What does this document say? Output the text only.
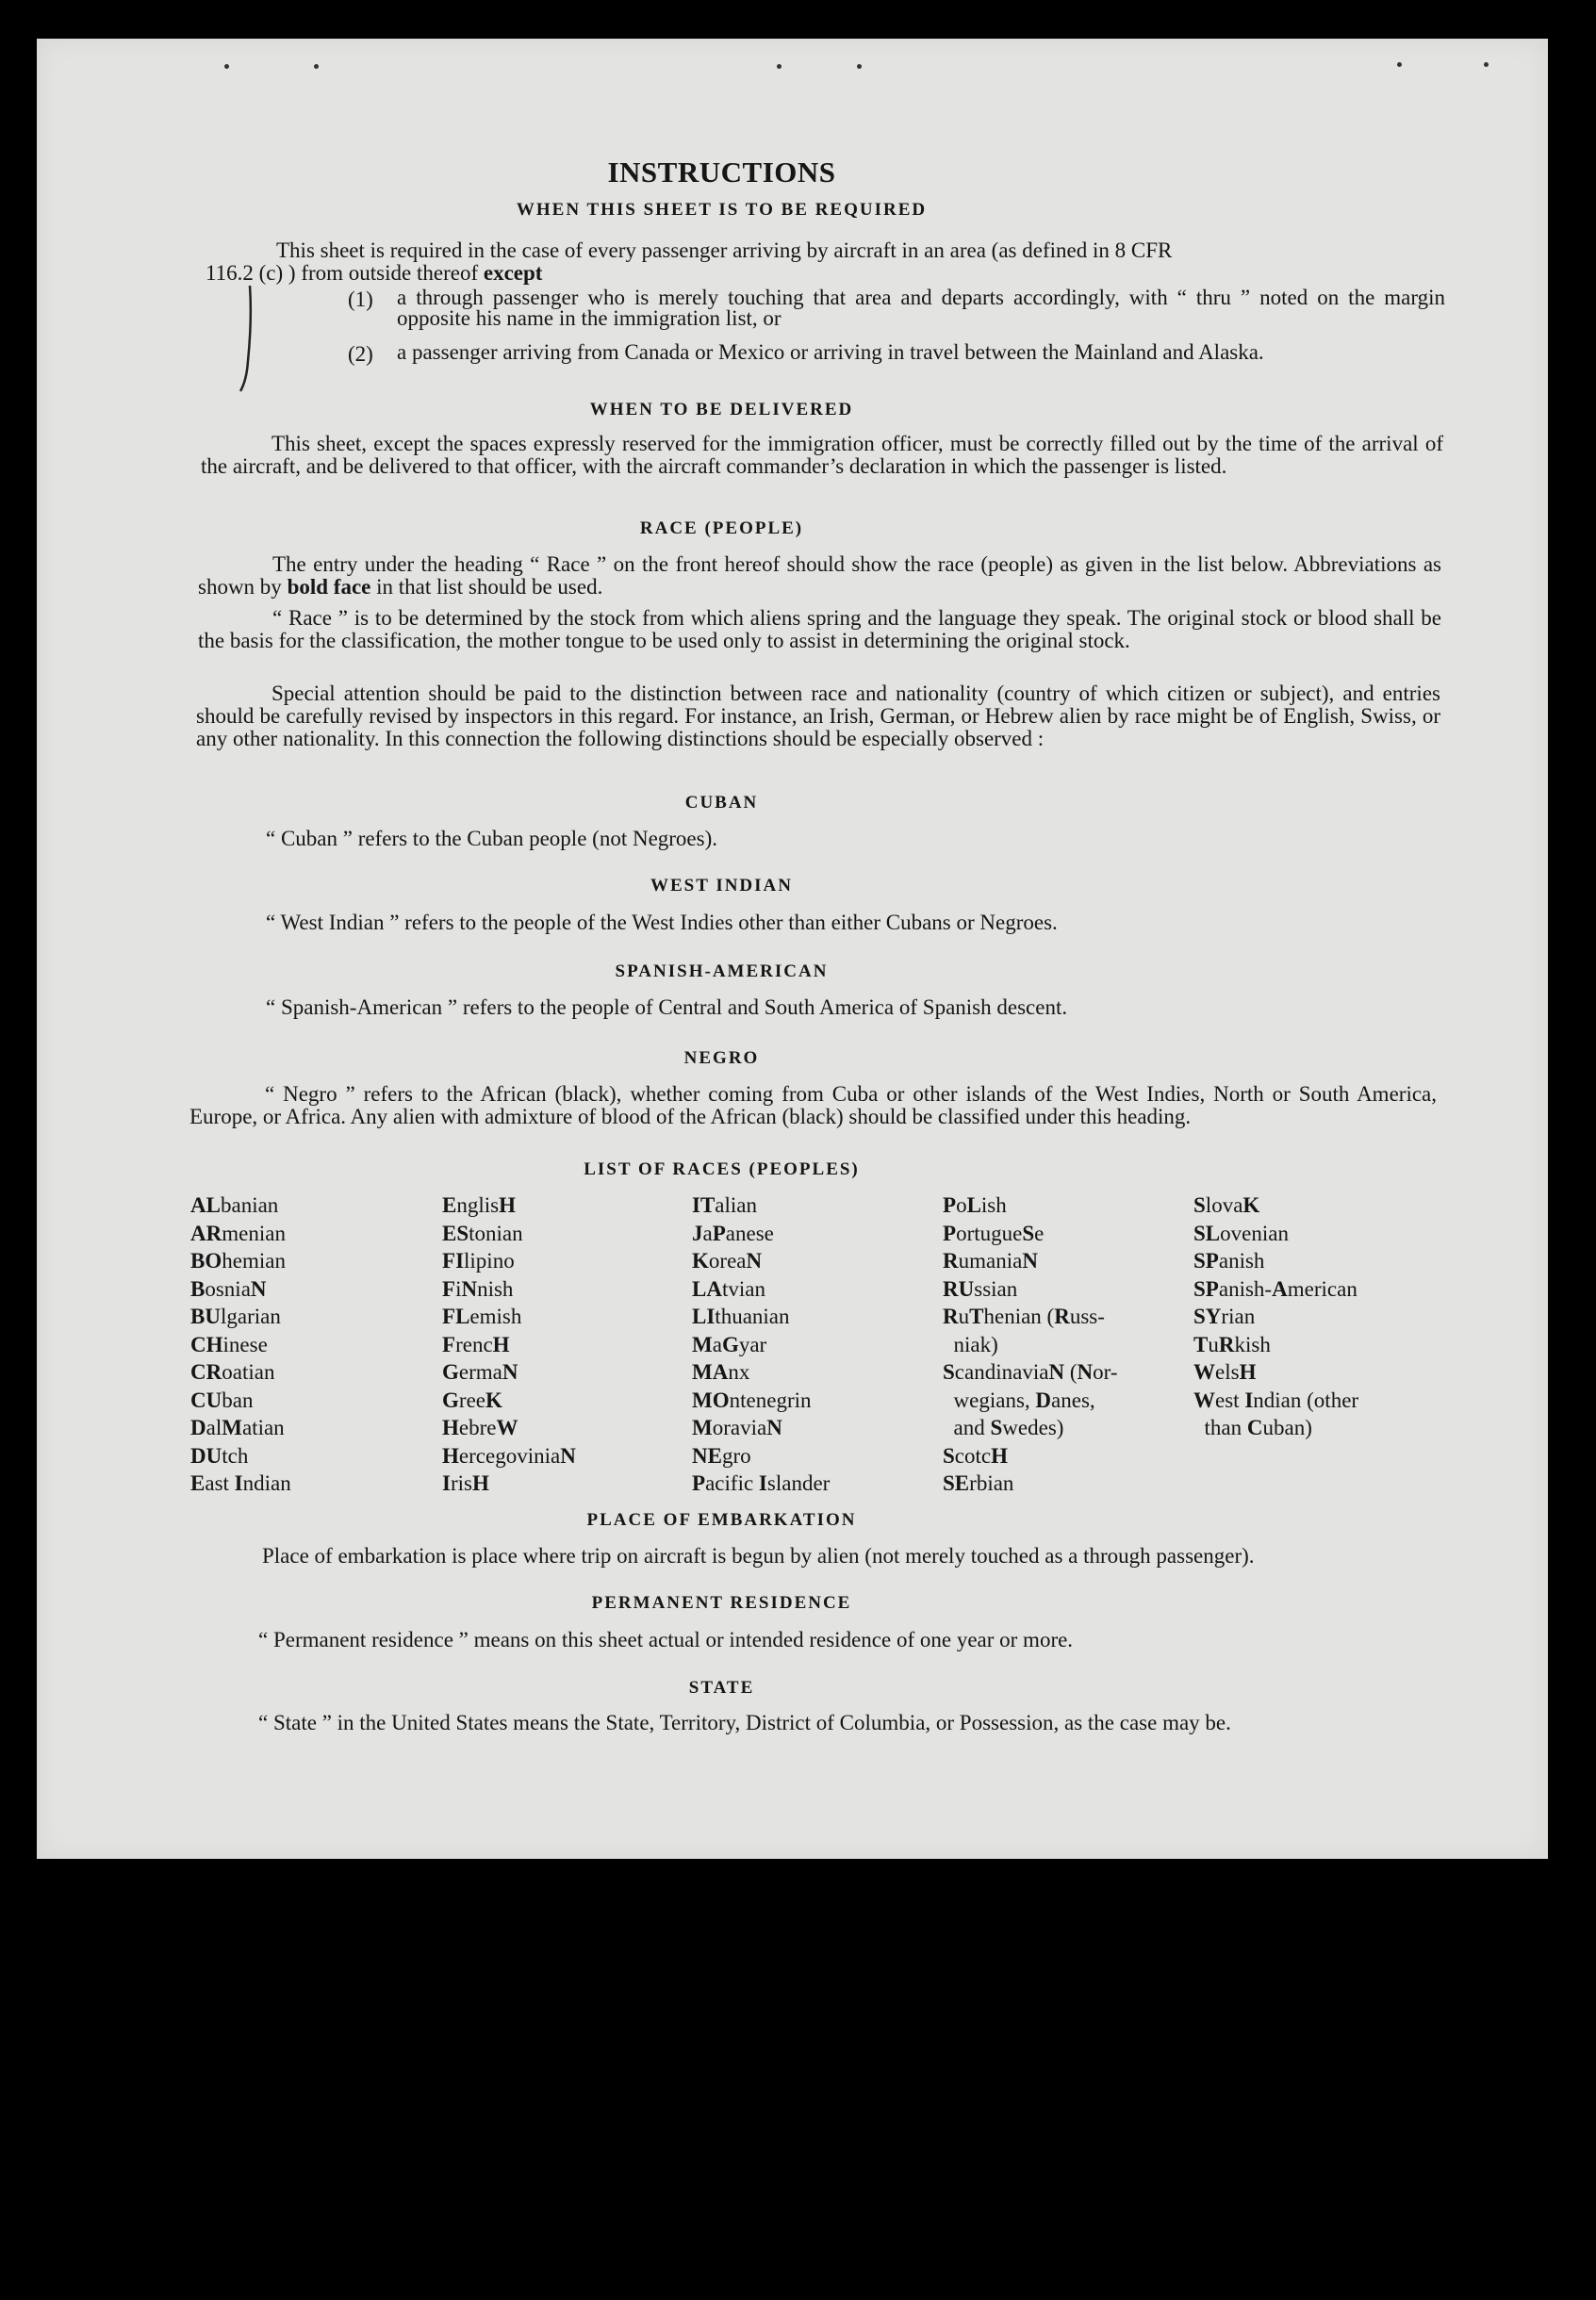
INSTRUCTIONS
WHEN THIS SHEET IS TO BE REQUIRED
This sheet is required in the case of every passenger arriving by aircraft in an area (as defined in 8 CFR
116.2 (c) ) from outside thereof except
(1) a through passenger who is merely touching that area and departs accordingly, with “ thru ” noted on the margin opposite his name in the immigration list, or
(2) a passenger arriving from Canada or Mexico or arriving in travel between the Mainland and Alaska.
WHEN TO BE DELIVERED
This sheet, except the spaces expressly reserved for the immigration officer, must be correctly filled out by the time of the arrival of the aircraft, and be delivered to that officer, with the aircraft commander’s declaration in which the passenger is listed.
RACE (PEOPLE)
The entry under the heading “ Race ” on the front hereof should show the race (people) as given in the list below. Abbreviations as shown by bold face in that list should be used.
“ Race ” is to be determined by the stock from which aliens spring and the language they speak. The original stock or blood shall be the basis for the classification, the mother tongue to be used only to assist in determining the original stock.
Special attention should be paid to the distinction between race and nationality (country of which citizen or subject), and entries should be carefully revised by inspectors in this regard. For instance, an Irish, German, or Hebrew alien by race might be of English, Swiss, or any other nationality. In this connection the following distinctions should be especially observed :
CUBAN
“ Cuban ” refers to the Cuban people (not Negroes).
WEST INDIAN
“ West Indian ” refers to the people of the West Indies other than either Cubans or Negroes.
SPANISH-AMERICAN
“ Spanish-American ” refers to the people of Central and South America of Spanish descent.
NEGRO
“ Negro ” refers to the African (black), whether coming from Cuba or other islands of the West Indies, North or South America, Europe, or Africa. Any alien with admixture of blood of the African (black) should be classified under this heading.
LIST OF RACES (PEOPLES)
ALbanian
ARmenian
BOhemian
BosniaN
BUlgarian
CHinese
CRoatian
CUban
DalMatian
DUtch
East Indian
EnglisH
EStonian
FIlipino
FiNnish
FLemish
FrencH
GermaN
GreeK
HebreW
HercegoviniaN
IrisH
ITalian
JaPanese
KoreaN
LAtvian
LIthuanian
MaGyar
MAnx
MOntenegrin
MoraviaN
NEgro
Pacific Islander
PoLish
PortugueSe
RumaniaN
RUssian
RuThenian (Russ-
niak)
ScandinaviaN (Nor-
wegians, Danes,
and Swedes)
ScotcH
SErbian
SlovaK
SLovenian
SPanish
SPanish-American
SYrian
TuRkish
WelsH
West Indian (other
than Cuban)
PLACE OF EMBARKATION
Place of embarkation is place where trip on aircraft is begun by alien (not merely touched as a through passenger).
PERMANENT RESIDENCE
“ Permanent residence ” means on this sheet actual or intended residence of one year or more.
STATE
“ State ” in the United States means the State, Territory, District of Columbia, or Possession, as the case may be.
